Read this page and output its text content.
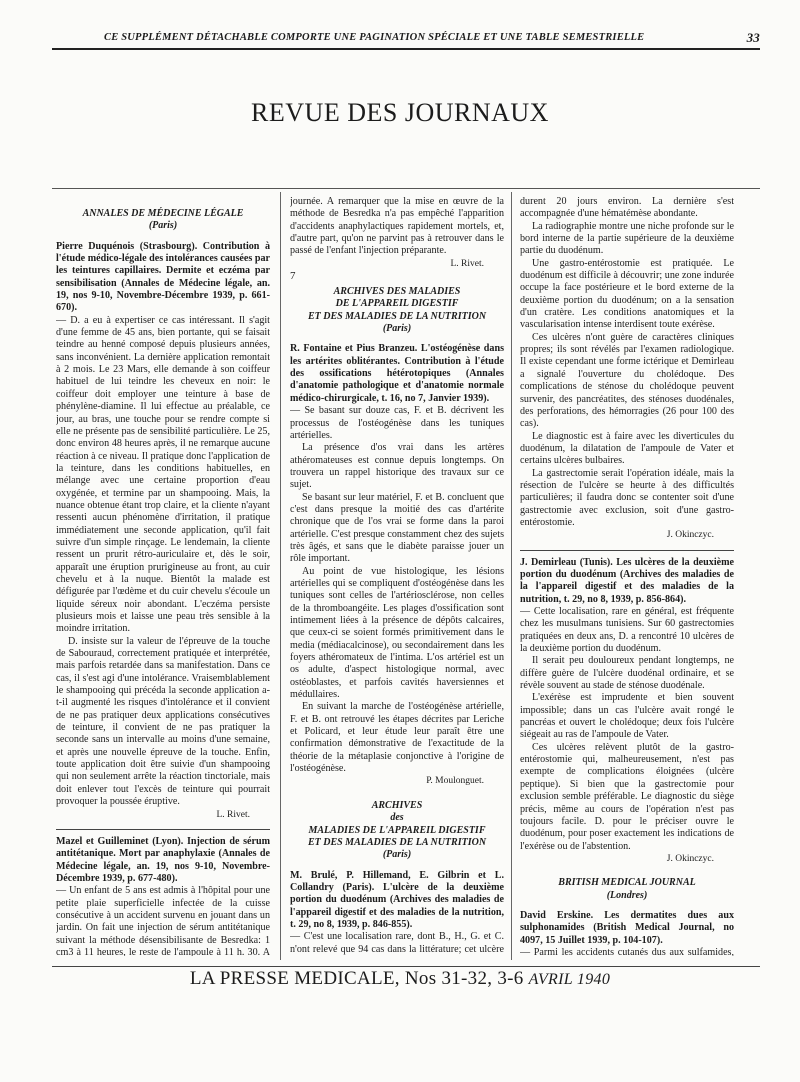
CE SUPPLÉMENT DÉTACHABLE COMPORTE UNE PAGINATION SPÉCIALE ET UNE TABLE SEMESTRIELLE	33
REVUE DES JOURNAUX
ANNALES DE MÉDECINE LÉGALE
(Paris)

Pierre Duquénois (Strasbourg). Contribution à l'étude médico-légale des intolérances causées par les teintures capillaires. Dermite et eczéma par sensibilisation (Annales de Médecine légale, an. 19, nos 9-10, Novembre-Décembre 1939, p. 661-670).

— D. a eu à expertiser ce cas intéressant. Il s'agit d'une femme de 45 ans, bien portante, qui se faisait teindre au henné composé depuis plusieurs années, sans inconvénient. La dernière application remontait à 2 mois. Le 23 Mars, elle demande à son coiffeur habituel de lui teindre les cheveux en noir: le coiffeur doit employer une teinture à base de phénylène-diamine. Il lui effectue au préalable, ce jour, au bras, une touche pour se rendre compte si elle ne présente pas de sensibilité particulière. Le 25, donc environ 48 heures après, il ne remarque aucune réaction à ce niveau. Il pratique donc l'application de la teinture, dans les conditions habituelles, en mélange avec une certaine proportion d'eau oxygénée, et termine par un shampooing. Mais, la nuance obtenue étant trop claire, et la cliente n'ayant ressenti aucun phénomène d'irritation, il pratique immédiatement une seconde application, qu'il fait suivre d'un simple rinçage. Le lendemain, la cliente ressent un prurit rétro-auriculaire et, dès le soir, apparaît une éruption prurigineuse au front, au cuir chevelu et à la nuque. Bientôt la malade est défigurée par l'œdème et du cuir chevelu s'écoule un liquide séreux noir abondant. L'eczéma persiste plusieurs mois et laisse une peau très sensible à la moindre irritation.

D. insiste sur la valeur de l'épreuve de la touche de Sabouraud, correctement pratiquée et interprétée, mais parfois retardée dans sa manifestation. Dans ce cas, il s'est agi d'une intolérance. Vraisemblablement le shampooing qui précéda la seconde application a-t-il augmenté les risques d'intolérance et il convient de ne pas pratiquer deux applications consécutives de teinture, il convient de ne pas pratiquer la seconde sans un intervalle au moins d'une semaine, et après une nouvelle épreuve de la touche. Enfin, toute application doit être suivie d'un shampooing qui non seulement arrête la réaction tinctoriale, mais doit enlever tout l'excès de teinture qui pourrait provoquer la poussée éruptive.

L. Rivet.

Mazel et Guilleminet (Lyon). Injection de sérum antitétanique. Mort par anaphylaxie (Annales de Médecine légale, an. 19, nos 9-10, Novembre-Décembre 1939, p. 677-480).

— Un enfant de 5 ans est admis à l'hôpital pour une petite plaie superficielle infectée de la cuisse consécutive à un accident survenu en jouant dans un jardin. On fait une injection de sérum antitétanique suivant la méthode désensibilisante de Besredka: 1 cm3 à 11 heures, le reste de l'ampoule à 11 h. 30. A

journée. A remarquer que la mise en œuvre de la méthode de Besredka n'a pas empêché l'apparition d'accidents anaphylactiques rapidement mortels, et, d'autre part, qu'on ne parvint pas à retrouver dans le passé de l'enfant l'injection préparante.

L. Rivet.

7
ARCHIVES DES MALADIES
DE L'APPAREIL DIGESTIF
ET DES MALADIES DE LA NUTRITION
(Paris)

R. Fontaine et Pius Branzeu. L'ostéogénèse dans les artérites oblitérantes. Contribution à l'étude des ossifications hétérotopiques (Annales d'anatomie pathologique et d'anatomie normale médico-chirurgicale, t. 16, no 7, Janvier 1939).

— Se basant sur douze cas, F. et B. décrivent les processus de l'ostéogénèse dans les tuniques artérielles.

La présence d'os vrai dans les artères athéromateuses est connue depuis longtemps. On trouvera un rappel historique des travaux sur ce sujet.

Se basant sur leur matériel, F. et B. concluent que c'est dans presque la moitié des cas d'artérite chronique que de l'os vrai se forme dans la paroi artérielle. C'est presque constamment chez des sujets très âgés, et sans que le diabète paraisse jouer un rôle important.

Au point de vue histologique, les lésions artérielles qui se compliquent d'ostéogénèse dans les tuniques sont celles de l'artériosclérose, non celles de la thromboangéite. Les plages d'ossification sont intimement liées à la présence de dépôts calcaires, que ceux-ci se soient formés primitivement dans le media (médiacalcinose), ou secondairement dans les foyers athéromateux de l'intima. L'os artériel est un os adulte, d'aspect histologique normal, avec ostéoblastes, et parfois cavités haversiennes et médullaires.

En suivant la marche de l'ostéogénèse artérielle, F. et B. ont retrouvé les étapes décrites par Leriche et Policard, et leur étude leur paraît être une confirmation démonstrative de l'exactitude de la théorie de la métaplasie conjonctive à l'origine de l'ostéogénèse.

P. Moulonguet.

ARCHIVES
des
MALADIES DE L'APPAREIL DIGESTIF
ET DES MALADIES DE LA NUTRITION
(Paris)

M. Brulé, P. Hillemand, E. Gilbrin et L. Collandry (Paris). L'ulcère de la deuxième portion du duodénum (Archives des maladies de l'appareil digestif et des maladies de la nutrition, t. 29, no 8, 1939, p. 846-855).

— C'est une localisation rare, dont B., H., G. et C. n'ont relevé que 94 cas dans la littérature; cet ulcère

durent 20 jours environ. La dernière s'est accompagnée d'une hématémèse abondante.

La radiographie montre une niche profonde sur le bord interne de la partie supérieure de la deuxième partie du duodénum.

Une gastro-entérostomie est pratiquée. Le duodénum est difficile à découvrir; une zone indurée occupe la face postérieure et le bord externe de la deuxième portion du duodénum; on a la sensation d'un cratère. Les conditions anatomiques et la vascularisation intense interdisent toute exérèse.

Ces ulcères n'ont guère de caractères cliniques propres; ils sont révélés par l'examen radiologique. Il existe cependant une forme ictérique et Demirleau a signalé l'ouverture du cholédoque. Des complications de sténose du cholédoque peuvent survenir, des pancréatites, des sténoses duodénales, des perforations, des hémorragies (26 pour 100 des cas).

Le diagnostic est à faire avec les diverticules du duodénum, la dilatation de l'ampoule de Vater et certains ulcères bulbaires.

La gastrectomie serait l'opération idéale, mais la résection de l'ulcère se heurte à des difficultés particulières; il faudra donc se contenter soit d'une gastrectomie avec exclusion, soit d'une gastro-entérostomie.

J. Okinczyc.

J. Demirleau (Tunis). Les ulcères de la deuxième portion du duodénum (Archives des maladies de la l'appareil digestif et des maladies de la nutrition, t. 29, no 8, 1939, p. 856-864).

— Cette localisation, rare en général, est fréquente chez les musulmans tunisiens. Sur 60 gastrectomies pratiquées en deux ans, D. a rencontré 10 ulcères de la deuxième portion du duodénum.

Il serait peu douloureux pendant longtemps, ne diffère guère de l'ulcère duodénal ordinaire, et se révèle souvent au stade de sténose duodénale.

L'exérèse est imprudente et bien souvent impossible; dans un cas l'ulcère avait rongé le pancréas et ouvert le cholédoque; deux fois l'ulcère siégeait au ras de l'ampoule de Vater.

Ces ulcères relèvent plutôt de la gastro-entérostomie qui, malheureusement, n'est pas exempte de complications éloignées (ulcère peptique). Si bien que la gastrectomie pour exclusion semble préférable. Le diagnostic du siège précis, même au cours de l'opération n'est pas toujours facile. D. pour le préciser ouvre le duodénum, pour poser exactement les indications de l'exérèse ou de l'abstention.

J. Okinczyc.

BRITISH MEDICAL JOURNAL
(Londres)

David Erskine. Les dermatites dues aux sulphonamides (British Medical Journal, no 4097, 15 Juillet 1939, p. 104-107).

— Parmi les accidents cutanés dus aux sulfamides,

LA PRESSE MEDICALE, Nos 31-32, 3-6 AVRIL 1940
